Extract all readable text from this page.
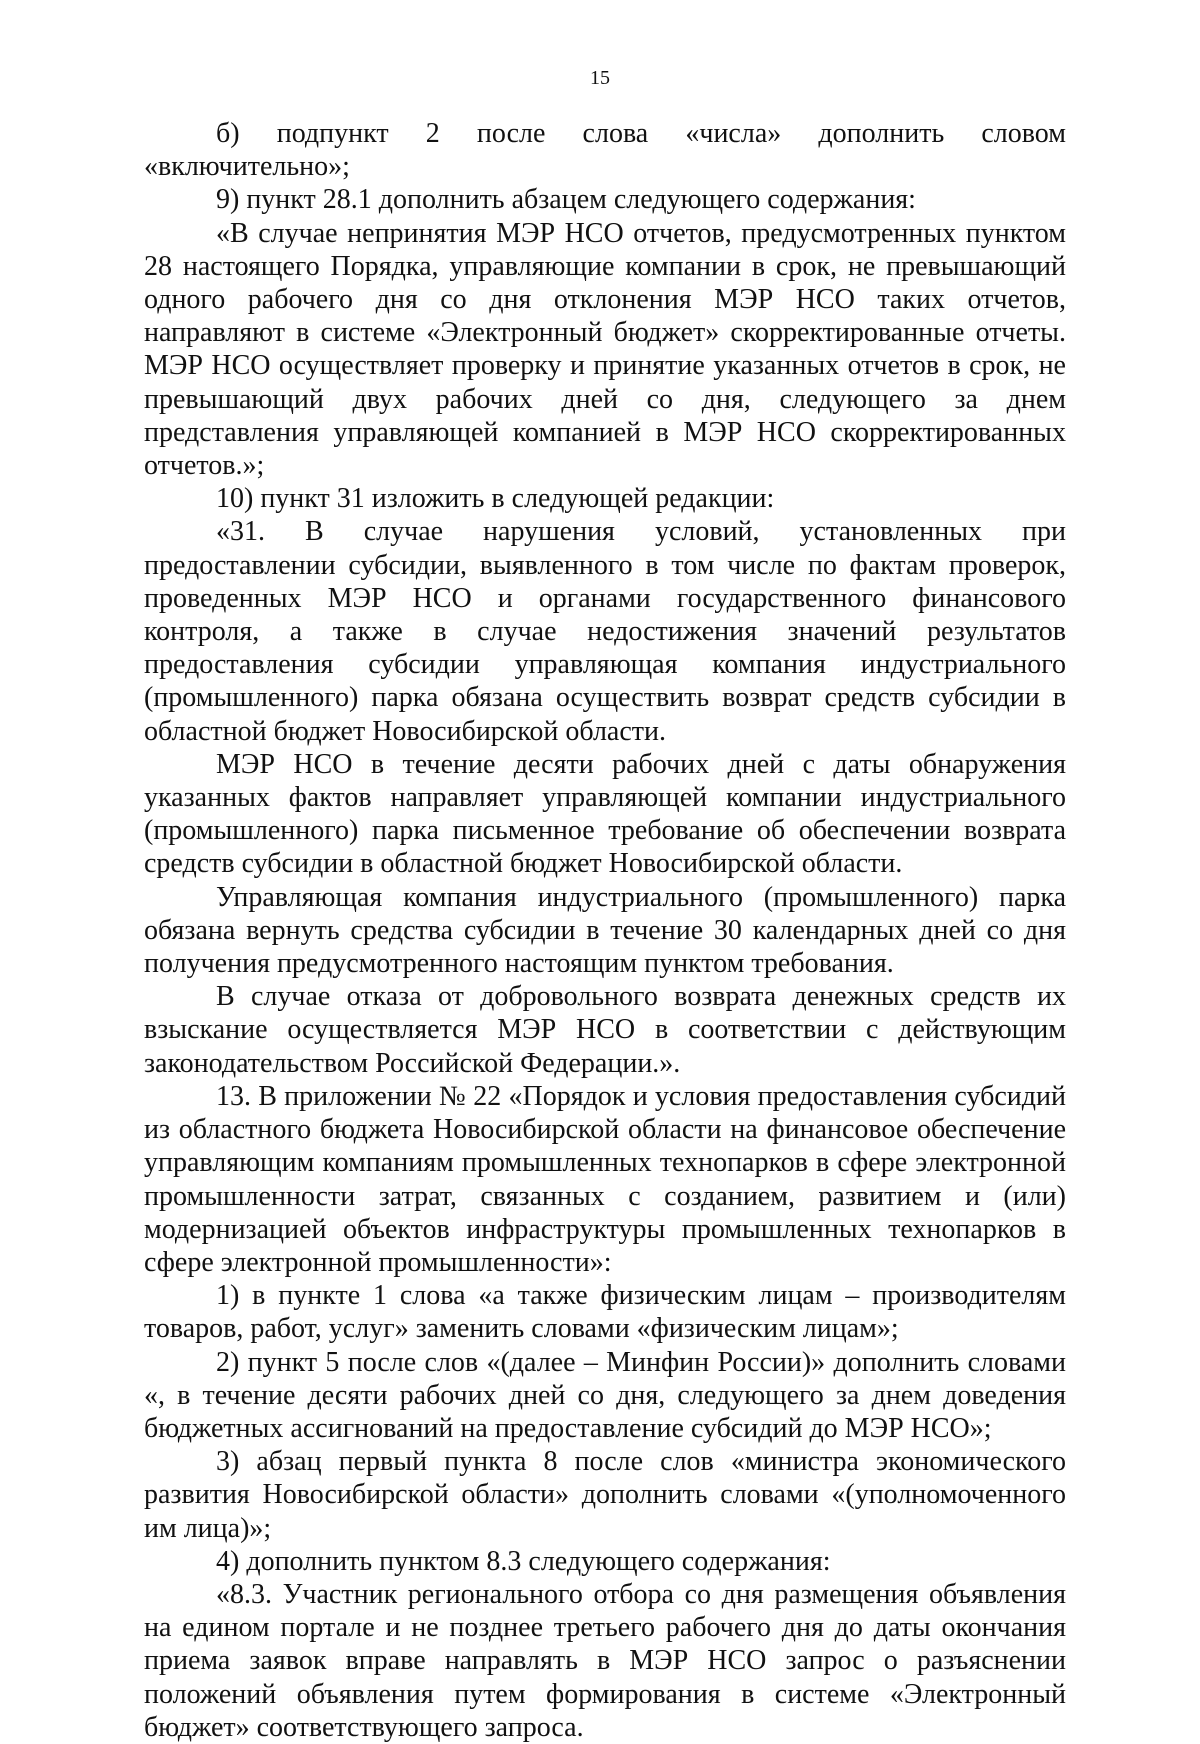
15

б) подпункт 2 после слова «числа» дополнить словом «включительно»;

9) пункт 28.1 дополнить абзацем следующего содержания:

«В случае непринятия МЭР НСО отчетов, предусмотренных пунктом 28 настоящего Порядка, управляющие компании в срок, не превышающий одного рабочего дня со дня отклонения МЭР НСО таких отчетов, направляют в системе «Электронный бюджет» скорректированные отчеты. МЭР НСО осуществляет проверку и принятие указанных отчетов в срок, не превышающий двух рабочих дней со дня, следующего за днем представления управляющей компанией в МЭР НСО скорректированных отчетов.»;

10) пункт 31 изложить в следующей редакции:

«31. В случае нарушения условий, установленных при предоставлении субсидии, выявленного в том числе по фактам проверок, проведенных МЭР НСО и органами государственного финансового контроля, а также в случае недостижения значений результатов предоставления субсидии управляющая компания индустриального (промышленного) парка обязана осуществить возврат средств субсидии в областной бюджет Новосибирской области.

МЭР НСО в течение десяти рабочих дней с даты обнаружения указанных фактов направляет управляющей компании индустриального (промышленного) парка письменное требование об обеспечении возврата средств субсидии в областной бюджет Новосибирской области.

Управляющая компания индустриального (промышленного) парка обязана вернуть средства субсидии в течение 30 календарных дней со дня получения предусмотренного настоящим пунктом требования.

В случае отказа от добровольного возврата денежных средств их взыскание осуществляется МЭР НСО в соответствии с действующим законодательством Российской Федерации.».

13. В приложении № 22 «Порядок и условия предоставления субсидий из областного бюджета Новосибирской области на финансовое обеспечение управляющим компаниям промышленных технопарков в сфере электронной промышленности затрат, связанных с созданием, развитием и (или) модернизацией объектов инфраструктуры промышленных технопарков в сфере электронной промышленности»:

1) в пункте 1 слова «а также физическим лицам – производителям товаров, работ, услуг» заменить словами «физическим лицам»;

2) пункт 5 после слов «(далее – Минфин России)» дополнить словами «, в течение десяти рабочих дней со дня, следующего за днем доведения бюджетных ассигнований на предоставление субсидий до МЭР НСО»;

3) абзац первый пункта 8 после слов «министра экономического развития Новосибирской области» дополнить словами «(уполномоченного им лица)»;

4) дополнить пунктом 8.3 следующего содержания:

«8.3. Участник регионального отбора со дня размещения объявления на едином портале и не позднее третьего рабочего дня до даты окончания приема заявок вправе направлять в МЭР НСО запрос о разъяснении положений объявления путем формирования в системе «Электронный бюджет» соответствующего запроса.
